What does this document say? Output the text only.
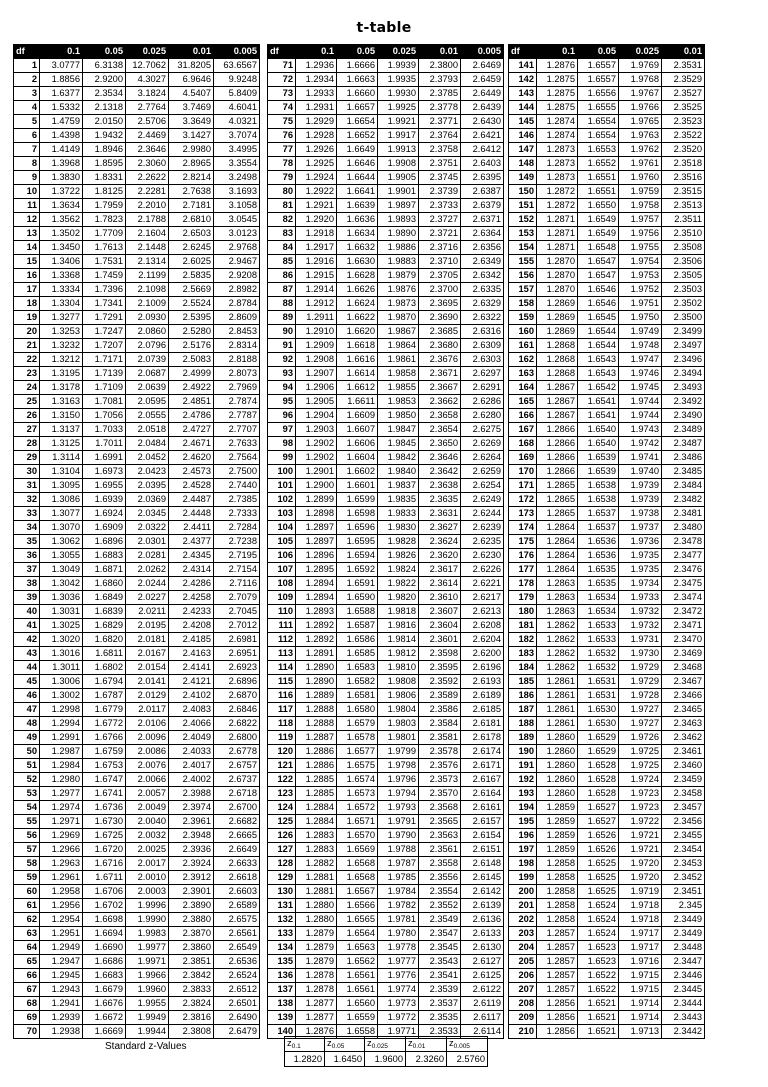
t-table
df	0.1	0.05	0.025	0.01	0.005
1	3.0777	6.3138	12.7062	31.8205	63.6567
2	1.8856	2.9200	4.3027	6.9646	9.9248
3	1.6377	2.3534	3.1824	4.5407	5.8409
4	1.5332	2.1318	2.7764	3.7469	4.6041
5	1.4759	2.0150	2.5706	3.3649	4.0321
6	1.4398	1.9432	2.4469	3.1427	3.7074
7	1.4149	1.8946	2.3646	2.9980	3.4995
8	1.3968	1.8595	2.3060	2.8965	3.3554
9	1.3830	1.8331	2.2622	2.8214	3.2498
10	1.3722	1.8125	2.2281	2.7638	3.1693
11	1.3634	1.7959	2.2010	2.7181	3.1058
12	1.3562	1.7823	2.1788	2.6810	3.0545
13	1.3502	1.7709	2.1604	2.6503	3.0123
14	1.3450	1.7613	2.1448	2.6245	2.9768
15	1.3406	1.7531	2.1314	2.6025	2.9467
16	1.3368	1.7459	2.1199	2.5835	2.9208
17	1.3334	1.7396	2.1098	2.5669	2.8982
18	1.3304	1.7341	2.1009	2.5524	2.8784
19	1.3277	1.7291	2.0930	2.5395	2.8609
20	1.3253	1.7247	2.0860	2.5280	2.8453
21	1.3232	1.7207	2.0796	2.5176	2.8314
22	1.3212	1.7171	2.0739	2.5083	2.8188
23	1.3195	1.7139	2.0687	2.4999	2.8073
24	1.3178	1.7109	2.0639	2.4922	2.7969
25	1.3163	1.7081	2.0595	2.4851	2.7874
26	1.3150	1.7056	2.0555	2.4786	2.7787
27	1.3137	1.7033	2.0518	2.4727	2.7707
28	1.3125	1.7011	2.0484	2.4671	2.7633
29	1.3114	1.6991	2.0452	2.4620	2.7564
30	1.3104	1.6973	2.0423	2.4573	2.7500
31	1.3095	1.6955	2.0395	2.4528	2.7440
32	1.3086	1.6939	2.0369	2.4487	2.7385
33	1.3077	1.6924	2.0345	2.4448	2.7333
34	1.3070	1.6909	2.0322	2.4411	2.7284
35	1.3062	1.6896	2.0301	2.4377	2.7238
36	1.3055	1.6883	2.0281	2.4345	2.7195
37	1.3049	1.6871	2.0262	2.4314	2.7154
38	1.3042	1.6860	2.0244	2.4286	2.7116
39	1.3036	1.6849	2.0227	2.4258	2.7079
40	1.3031	1.6839	2.0211	2.4233	2.7045
41	1.3025	1.6829	2.0195	2.4208	2.7012
42	1.3020	1.6820	2.0181	2.4185	2.6981
43	1.3016	1.6811	2.0167	2.4163	2.6951
44	1.3011	1.6802	2.0154	2.4141	2.6923
45	1.3006	1.6794	2.0141	2.4121	2.6896
46	1.3002	1.6787	2.0129	2.4102	2.6870
47	1.2998	1.6779	2.0117	2.4083	2.6846
48	1.2994	1.6772	2.0106	2.4066	2.6822
49	1.2991	1.6766	2.0096	2.4049	2.6800
50	1.2987	1.6759	2.0086	2.4033	2.6778
51	1.2984	1.6753	2.0076	2.4017	2.6757
52	1.2980	1.6747	2.0066	2.4002	2.6737
53	1.2977	1.6741	2.0057	2.3988	2.6718
54	1.2974	1.6736	2.0049	2.3974	2.6700
55	1.2971	1.6730	2.0040	2.3961	2.6682
56	1.2969	1.6725	2.0032	2.3948	2.6665
57	1.2966	1.6720	2.0025	2.3936	2.6649
58	1.2963	1.6716	2.0017	2.3924	2.6633
59	1.2961	1.6711	2.0010	2.3912	2.6618
60	1.2958	1.6706	2.0003	2.3901	2.6603
61	1.2956	1.6702	1.9996	2.3890	2.6589
62	1.2954	1.6698	1.9990	2.3880	2.6575
63	1.2951	1.6694	1.9983	2.3870	2.6561
64	1.2949	1.6690	1.9977	2.3860	2.6549
65	1.2947	1.6686	1.9971	2.3851	2.6536
66	1.2945	1.6683	1.9966	2.3842	2.6524
67	1.2943	1.6679	1.9960	2.3833	2.6512
68	1.2941	1.6676	1.9955	2.3824	2.6501
69	1.2939	1.6672	1.9949	2.3816	2.6490
70	1.2938	1.6669	1.9944	2.3808	2.6479
df	0.1	0.05	0.025	0.01	0.005
71	1.2936	1.6666	1.9939	2.3800	2.6469
72	1.2934	1.6663	1.9935	2.3793	2.6459
73	1.2933	1.6660	1.9930	2.3785	2.6449
74	1.2931	1.6657	1.9925	2.3778	2.6439
75	1.2929	1.6654	1.9921	2.3771	2.6430
76	1.2928	1.6652	1.9917	2.3764	2.6421
77	1.2926	1.6649	1.9913	2.3758	2.6412
78	1.2925	1.6646	1.9908	2.3751	2.6403
79	1.2924	1.6644	1.9905	2.3745	2.6395
80	1.2922	1.6641	1.9901	2.3739	2.6387
81	1.2921	1.6639	1.9897	2.3733	2.6379
82	1.2920	1.6636	1.9893	2.3727	2.6371
83	1.2918	1.6634	1.9890	2.3721	2.6364
84	1.2917	1.6632	1.9886	2.3716	2.6356
85	1.2916	1.6630	1.9883	2.3710	2.6349
86	1.2915	1.6628	1.9879	2.3705	2.6342
87	1.2914	1.6626	1.9876	2.3700	2.6335
88	1.2912	1.6624	1.9873	2.3695	2.6329
89	1.2911	1.6622	1.9870	2.3690	2.6322
90	1.2910	1.6620	1.9867	2.3685	2.6316
91	1.2909	1.6618	1.9864	2.3680	2.6309
92	1.2908	1.6616	1.9861	2.3676	2.6303
93	1.2907	1.6614	1.9858	2.3671	2.6297
94	1.2906	1.6612	1.9855	2.3667	2.6291
95	1.2905	1.6611	1.9853	2.3662	2.6286
96	1.2904	1.6609	1.9850	2.3658	2.6280
97	1.2903	1.6607	1.9847	2.3654	2.6275
98	1.2902	1.6606	1.9845	2.3650	2.6269
99	1.2902	1.6604	1.9842	2.3646	2.6264
100	1.2901	1.6602	1.9840	2.3642	2.6259
101	1.2900	1.6601	1.9837	2.3638	2.6254
102	1.2899	1.6599	1.9835	2.3635	2.6249
103	1.2898	1.6598	1.9833	2.3631	2.6244
104	1.2897	1.6596	1.9830	2.3627	2.6239
105	1.2897	1.6595	1.9828	2.3624	2.6235
106	1.2896	1.6594	1.9826	2.3620	2.6230
107	1.2895	1.6592	1.9824	2.3617	2.6226
108	1.2894	1.6591	1.9822	2.3614	2.6221
109	1.2894	1.6590	1.9820	2.3610	2.6217
110	1.2893	1.6588	1.9818	2.3607	2.6213
111	1.2892	1.6587	1.9816	2.3604	2.6208
112	1.2892	1.6586	1.9814	2.3601	2.6204
113	1.2891	1.6585	1.9812	2.3598	2.6200
114	1.2890	1.6583	1.9810	2.3595	2.6196
115	1.2890	1.6582	1.9808	2.3592	2.6193
116	1.2889	1.6581	1.9806	2.3589	2.6189
117	1.2888	1.6580	1.9804	2.3586	2.6185
118	1.2888	1.6579	1.9803	2.3584	2.6181
119	1.2887	1.6578	1.9801	2.3581	2.6178
120	1.2886	1.6577	1.9799	2.3578	2.6174
121	1.2886	1.6575	1.9798	2.3576	2.6171
122	1.2885	1.6574	1.9796	2.3573	2.6167
123	1.2885	1.6573	1.9794	2.3570	2.6164
124	1.2884	1.6572	1.9793	2.3568	2.6161
125	1.2884	1.6571	1.9791	2.3565	2.6157
126	1.2883	1.6570	1.9790	2.3563	2.6154
127	1.2883	1.6569	1.9788	2.3561	2.6151
128	1.2882	1.6568	1.9787	2.3558	2.6148
129	1.2881	1.6568	1.9785	2.3556	2.6145
130	1.2881	1.6567	1.9784	2.3554	2.6142
131	1.2880	1.6566	1.9782	2.3552	2.6139
132	1.2880	1.6565	1.9781	2.3549	2.6136
133	1.2879	1.6564	1.9780	2.3547	2.6133
134	1.2879	1.6563	1.9778	2.3545	2.6130
135	1.2879	1.6562	1.9777	2.3543	2.6127
136	1.2878	1.6561	1.9776	2.3541	2.6125
137	1.2878	1.6561	1.9774	2.3539	2.6122
138	1.2877	1.6560	1.9773	2.3537	2.6119
139	1.2877	1.6559	1.9772	2.3535	2.6117
140	1.2876	1.6558	1.9771	2.3533	2.6114
df	0.1	0.05	0.025	0.01
141	1.2876	1.6557	1.9769	2.3531
142	1.2875	1.6557	1.9768	2.3529
143	1.2875	1.6556	1.9767	2.3527
144	1.2875	1.6555	1.9766	2.3525
145	1.2874	1.6554	1.9765	2.3523
146	1.2874	1.6554	1.9763	2.3522
147	1.2873	1.6553	1.9762	2.3520
148	1.2873	1.6552	1.9761	2.3518
149	1.2873	1.6551	1.9760	2.3516
150	1.2872	1.6551	1.9759	2.3515
151	1.2872	1.6550	1.9758	2.3513
152	1.2871	1.6549	1.9757	2.3511
153	1.2871	1.6549	1.9756	2.3510
154	1.2871	1.6548	1.9755	2.3508
155	1.2870	1.6547	1.9754	2.3506
156	1.2870	1.6547	1.9753	2.3505
157	1.2870	1.6546	1.9752	2.3503
158	1.2869	1.6546	1.9751	2.3502
159	1.2869	1.6545	1.9750	2.3500
160	1.2869	1.6544	1.9749	2.3499
161	1.2868	1.6544	1.9748	2.3497
162	1.2868	1.6543	1.9747	2.3496
163	1.2868	1.6543	1.9746	2.3494
164	1.2867	1.6542	1.9745	2.3493
165	1.2867	1.6541	1.9744	2.3492
166	1.2867	1.6541	1.9744	2.3490
167	1.2866	1.6540	1.9743	2.3489
168	1.2866	1.6540	1.9742	2.3487
169	1.2866	1.6539	1.9741	2.3486
170	1.2866	1.6539	1.9740	2.3485
171	1.2865	1.6538	1.9739	2.3484
172	1.2865	1.6538	1.9739	2.3482
173	1.2865	1.6537	1.9738	2.3481
174	1.2864	1.6537	1.9737	2.3480
175	1.2864	1.6536	1.9736	2.3478
176	1.2864	1.6536	1.9735	2.3477
177	1.2864	1.6535	1.9735	2.3476
178	1.2863	1.6535	1.9734	2.3475
179	1.2863	1.6534	1.9733	2.3474
180	1.2863	1.6534	1.9732	2.3472
181	1.2862	1.6533	1.9732	2.3471
182	1.2862	1.6533	1.9731	2.3470
183	1.2862	1.6532	1.9730	2.3469
184	1.2862	1.6532	1.9729	2.3468
185	1.2861	1.6531	1.9729	2.3467
186	1.2861	1.6531	1.9728	2.3466
187	1.2861	1.6530	1.9727	2.3465
188	1.2861	1.6530	1.9727	2.3463
189	1.2860	1.6529	1.9726	2.3462
190	1.2860	1.6529	1.9725	2.3461
191	1.2860	1.6528	1.9725	2.3460
192	1.2860	1.6528	1.9724	2.3459
193	1.2860	1.6528	1.9723	2.3458
194	1.2859	1.6527	1.9723	2.3457
195	1.2859	1.6527	1.9722	2.3456
196	1.2859	1.6526	1.9721	2.3455
197	1.2859	1.6526	1.9721	2.3454
198	1.2858	1.6525	1.9720	2.3453
199	1.2858	1.6525	1.9720	2.3452
200	1.2858	1.6525	1.9719	2.3451
201	1.2858	1.6524	1.9718	2.345
202	1.2858	1.6524	1.9718	2.3449
203	1.2857	1.6524	1.9717	2.3449
204	1.2857	1.6523	1.9717	2.3448
205	1.2857	1.6523	1.9716	2.3447
206	1.2857	1.6522	1.9715	2.3446
207	1.2857	1.6522	1.9715	2.3445
208	1.2856	1.6521	1.9714	2.3444
209	1.2856	1.6521	1.9714	2.3443
210	1.2856	1.6521	1.9713	2.3442
Standard z-Values	$z_{0.1}$	$z_{0.05}$	$z_{0.025}$	$z_{0.01}$	$z_{0.005}$
1.2820	1.6450	1.9600	2.3260	2.5760
